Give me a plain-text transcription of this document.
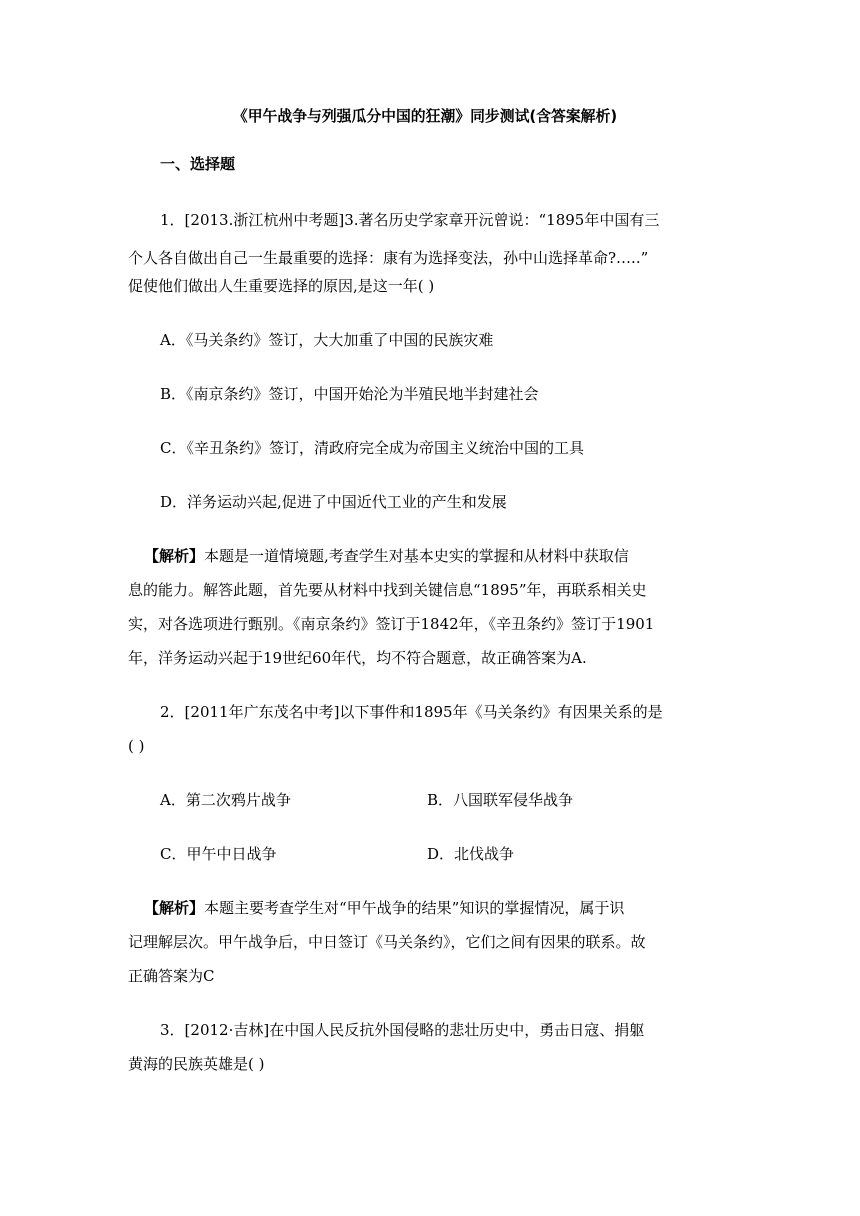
《甲午战争与列强瓜分中国的狂潮》同步测试(含答案解析)
一、选择题
1．[2013.浙江杭州中考题]3.著名历史学家章开沅曾说：“1895年中国有三
个人各自做出自己一生最重要的选择：康有为选择变法，孙中山选择革命?…..”
促使他们做出人生重要选择的原因,是这一年( )
A．《马关条约》签订，大大加重了中国的民族灾难
B．《南京条约》签订，中国开始沦为半殖民地半封建社会
C．《辛丑条约》签订，清政府完全成为帝国主义统治中国的工具
D．洋务运动兴起,促进了中国近代工业的产生和发展
【解析】本题是一道情境题,考查学生对基本史实的掌握和从材料中获取信
息的能力。解答此题，首先要从材料中找到关键信息“1895”年，再联系相关史
实，对各选项进行甄别。《南京条约》签订于1842年，《辛丑条约》签订于1901
年，洋务运动兴起于19世纪60年代，均不符合题意，故正确答案为A.
2．[2011年广东茂名中考]以下事件和1895年《马关条约》有因果关系的是
( )
A．第二次鸦片战争	B．八国联军侵华战争
C．甲午中日战争	D．北伐战争
【解析】本题主要考查学生对“甲午战争的结果”知识的掌握情况，属于识
记理解层次。甲午战争后，中日签订《马关条约》，它们之间有因果的联系。故
正确答案为C
3．[2012·吉林]在中国人民反抗外国侵略的悲壮历史中，勇击日寇、捐躯
黄海的民族英雄是( )
